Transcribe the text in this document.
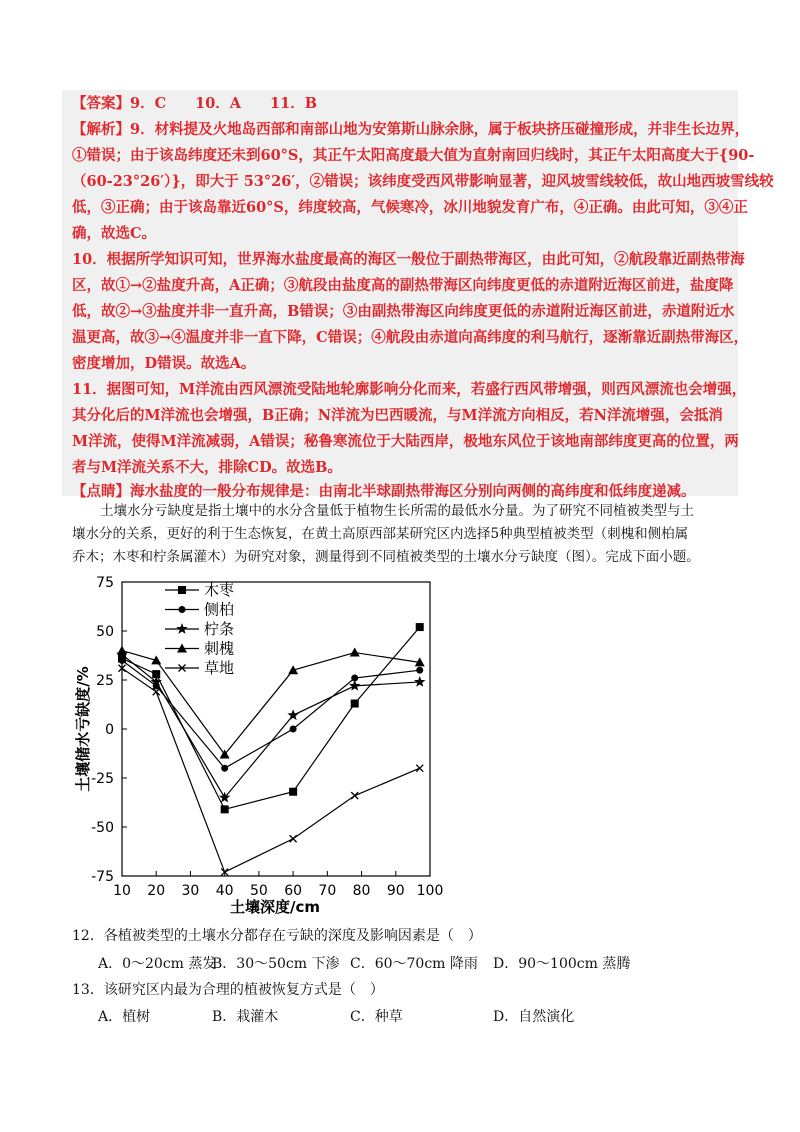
【答案】9．C　　10．A　　11．B
【解析】9．材料提及火地岛西部和南部山地为安第斯山脉余脉，属于板块挤压碰撞形成，并非生长边界，
①错误；由于该岛纬度还未到60°S，其正午太阳高度最大值为直射南回归线时，其正午太阳高度大于{90-
（60-23°26′）}，即大于 53°26′，②错误；该纬度受西风带影响显著，迎风坡雪线较低，故山地西坡雪线较
低，③正确；由于该岛靠近60°S，纬度较高，气候寒冷，冰川地貌发育广布，④正确。由此可知，③④正
确，故选C。
10．根据所学知识可知，世界海水盐度最高的海区一般位于副热带海区，由此可知，②航段靠近副热带海
区，故①→②盐度升高，A正确；③航段由盐度高的副热带海区向纬度更低的赤道附近海区前进，盐度降
低，故②→③盐度并非一直升高，B错误；③由副热带海区向纬度更低的赤道附近海区前进，赤道附近水
温更高，故③→④温度并非一直下降，C错误；④航段由赤道向高纬度的利马航行，逐渐靠近副热带海区，
密度增加，D错误。故选A。
11．据图可知，M洋流由西风漂流受陆地轮廓影响分化而来，若盛行西风带增强，则西风漂流也会增强，
其分化后的M洋流也会增强，B正确；N洋流为巴西暖流，与M洋流方向相反，若N洋流增强，会抵消
M洋流，使得M洋流减弱，A错误；秘鲁寒流位于大陆西岸，极地东风位于该地南部纬度更高的位置，两
者与M洋流关系不大，排除CD。故选B。
【点睛】海水盐度的一般分布规律是：由南北半球副热带海区分别向两侧的高纬度和低纬度递减。
土壤水分亏缺度是指土壤中的水分含量低于植物生长所需的最低水分量。为了研究不同植被类型与土
壤水分的关系，更好的利于生态恢复，在黄土高原西部某研究区内选择5种典型植被类型（刺槐和侧柏属
乔木；木枣和柠条属灌木）为研究对象，测量得到不同植被类型的土壤水分亏缺度（图）。完成下面小题。
75
50
25
0
-25
-50
-75
10 20 30 40 50 60 70 80 90 100
木枣
侧柏
柠条
刺槐
草地
土壤深度/cm
土壤储水亏缺度/%
12．各植被类型的土壤水分都存在亏缺的深度及影响因素是（　）
A．0～20cm 蒸发
B．30～50cm 下渗 C．60～70cm 降雨 D．90～100cm 蒸腾
13．该研究区内最为合理的植被恢复方式是（　）
A．植树	B．栽灌木	C．种草	D．自然演化
